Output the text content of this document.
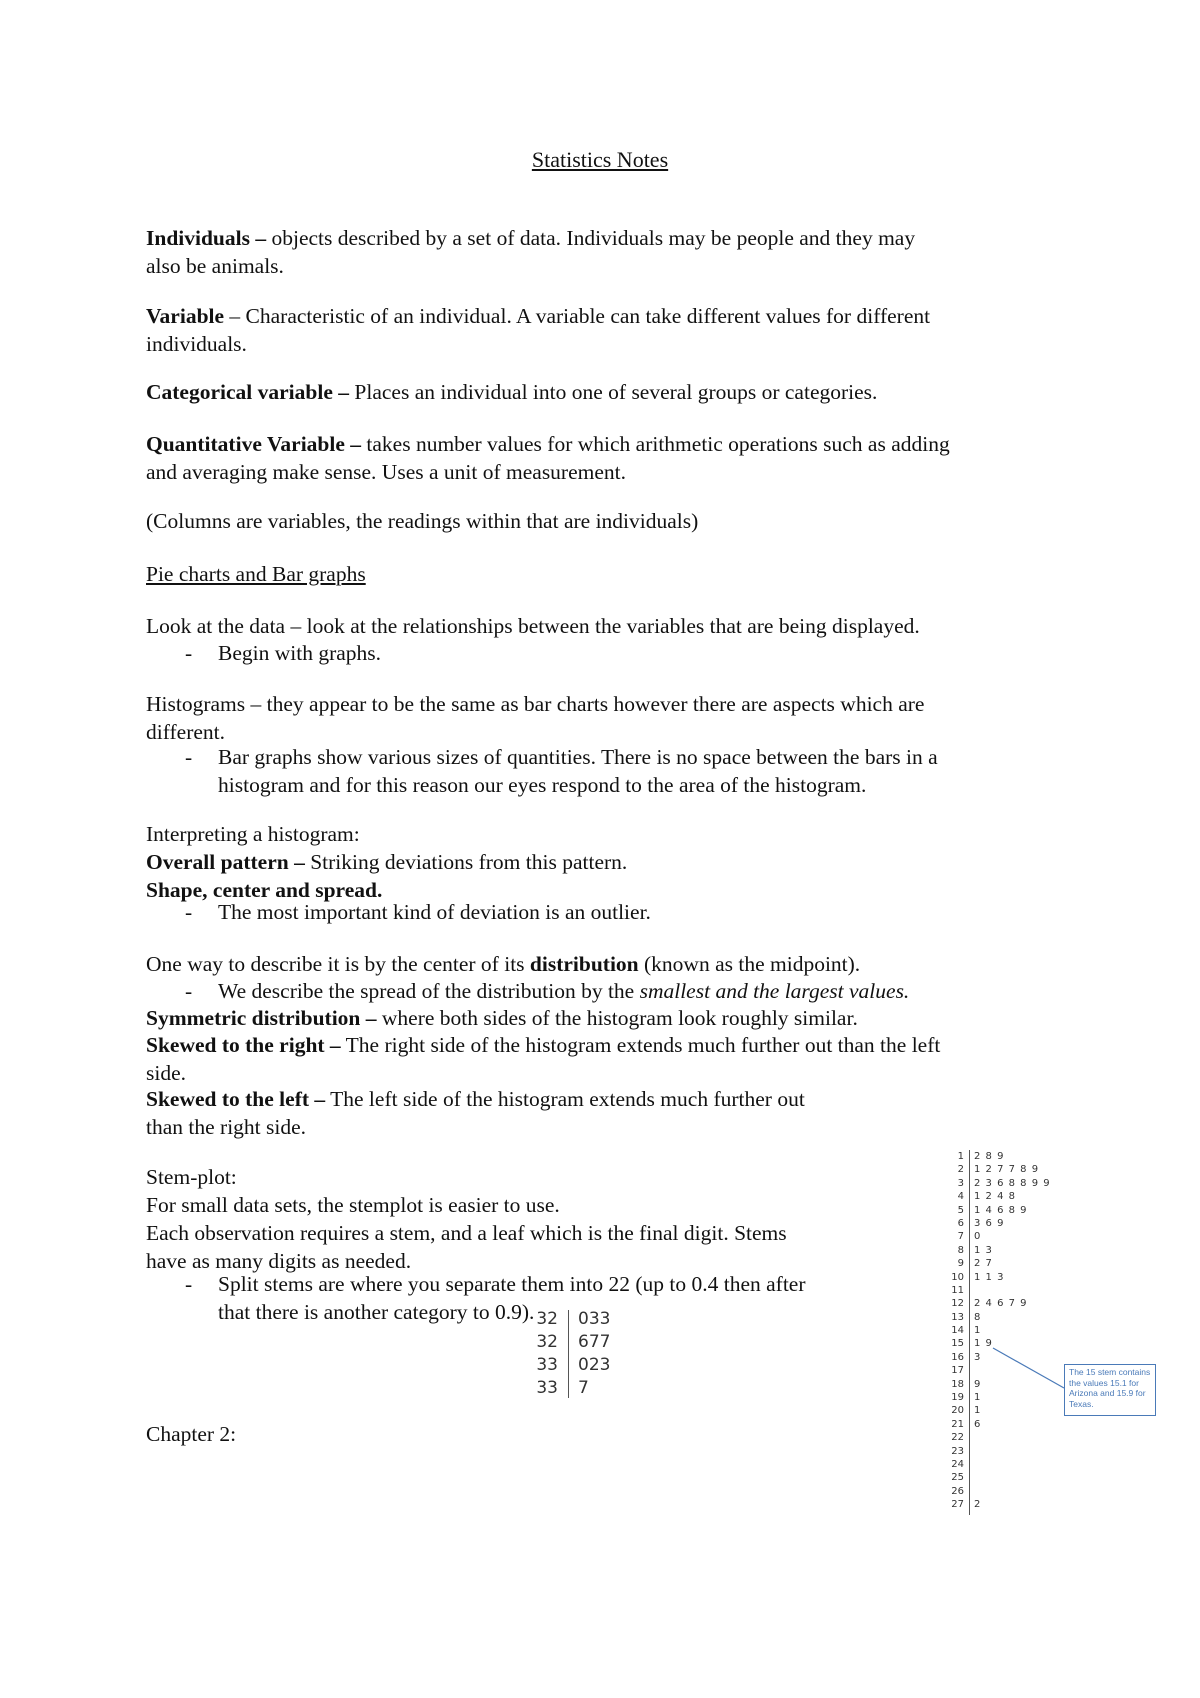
Statistics Notes
Individuals – objects described by a set of data. Individuals may be people and they may
also be animals.
Variable – Characteristic of an individual. A variable can take different values for different
individuals.
Categorical variable – Places an individual into one of several groups or categories.
Quantitative Variable – takes number values for which arithmetic operations such as adding
and averaging make sense. Uses a unit of measurement.
(Columns are variables, the readings within that are individuals)
Pie charts and Bar graphs
Look at the data – look at the relationships between the variables that are being displayed.
- Begin with graphs.
Histograms – they appear to be the same as bar charts however there are aspects which are
different.
- Bar graphs show various sizes of quantities. There is no space between the bars in a
histogram and for this reason our eyes respond to the area of the histogram.
Interpreting a histogram:
Overall pattern – Striking deviations from this pattern.
Shape, center and spread.
- The most important kind of deviation is an outlier.
One way to describe it is by the center of its distribution (known as the midpoint).
- We describe the spread of the distribution by the smallest and the largest values.
Symmetric distribution – where both sides of the histogram look roughly similar.
Skewed to the right – The right side of the histogram extends much further out than the left
side.
Skewed to the left – The left side of the histogram extends much further out
than the right side.
Stem-plot:
For small data sets, the stemplot is easier to use.
Each observation requires a stem, and a leaf which is the final digit. Stems
have as many digits as needed.
- Split stems are where you separate them into 22 (up to 0.4 then after
that there is another category to 0.9). 32 033
32 677
33 023
33 7
Chapter 2:
1 2 8 9
2 1 2 7 7 8 9
3 2 3 6 8 8 9 9
4 1 2 4 8
5 1 4 6 8 9
6 3 6 9
7 0
8 1 3
9 2 7
10 1 1 3
11
12 2 4 6 7 9
13 8
14 1
15 1 9
16 3
17
18 9
19 1
20 1
21 6
22
23
24
25
26
27 2
The 15 stem contains the values 15.1 for Arizona and 15.9 for Texas.
